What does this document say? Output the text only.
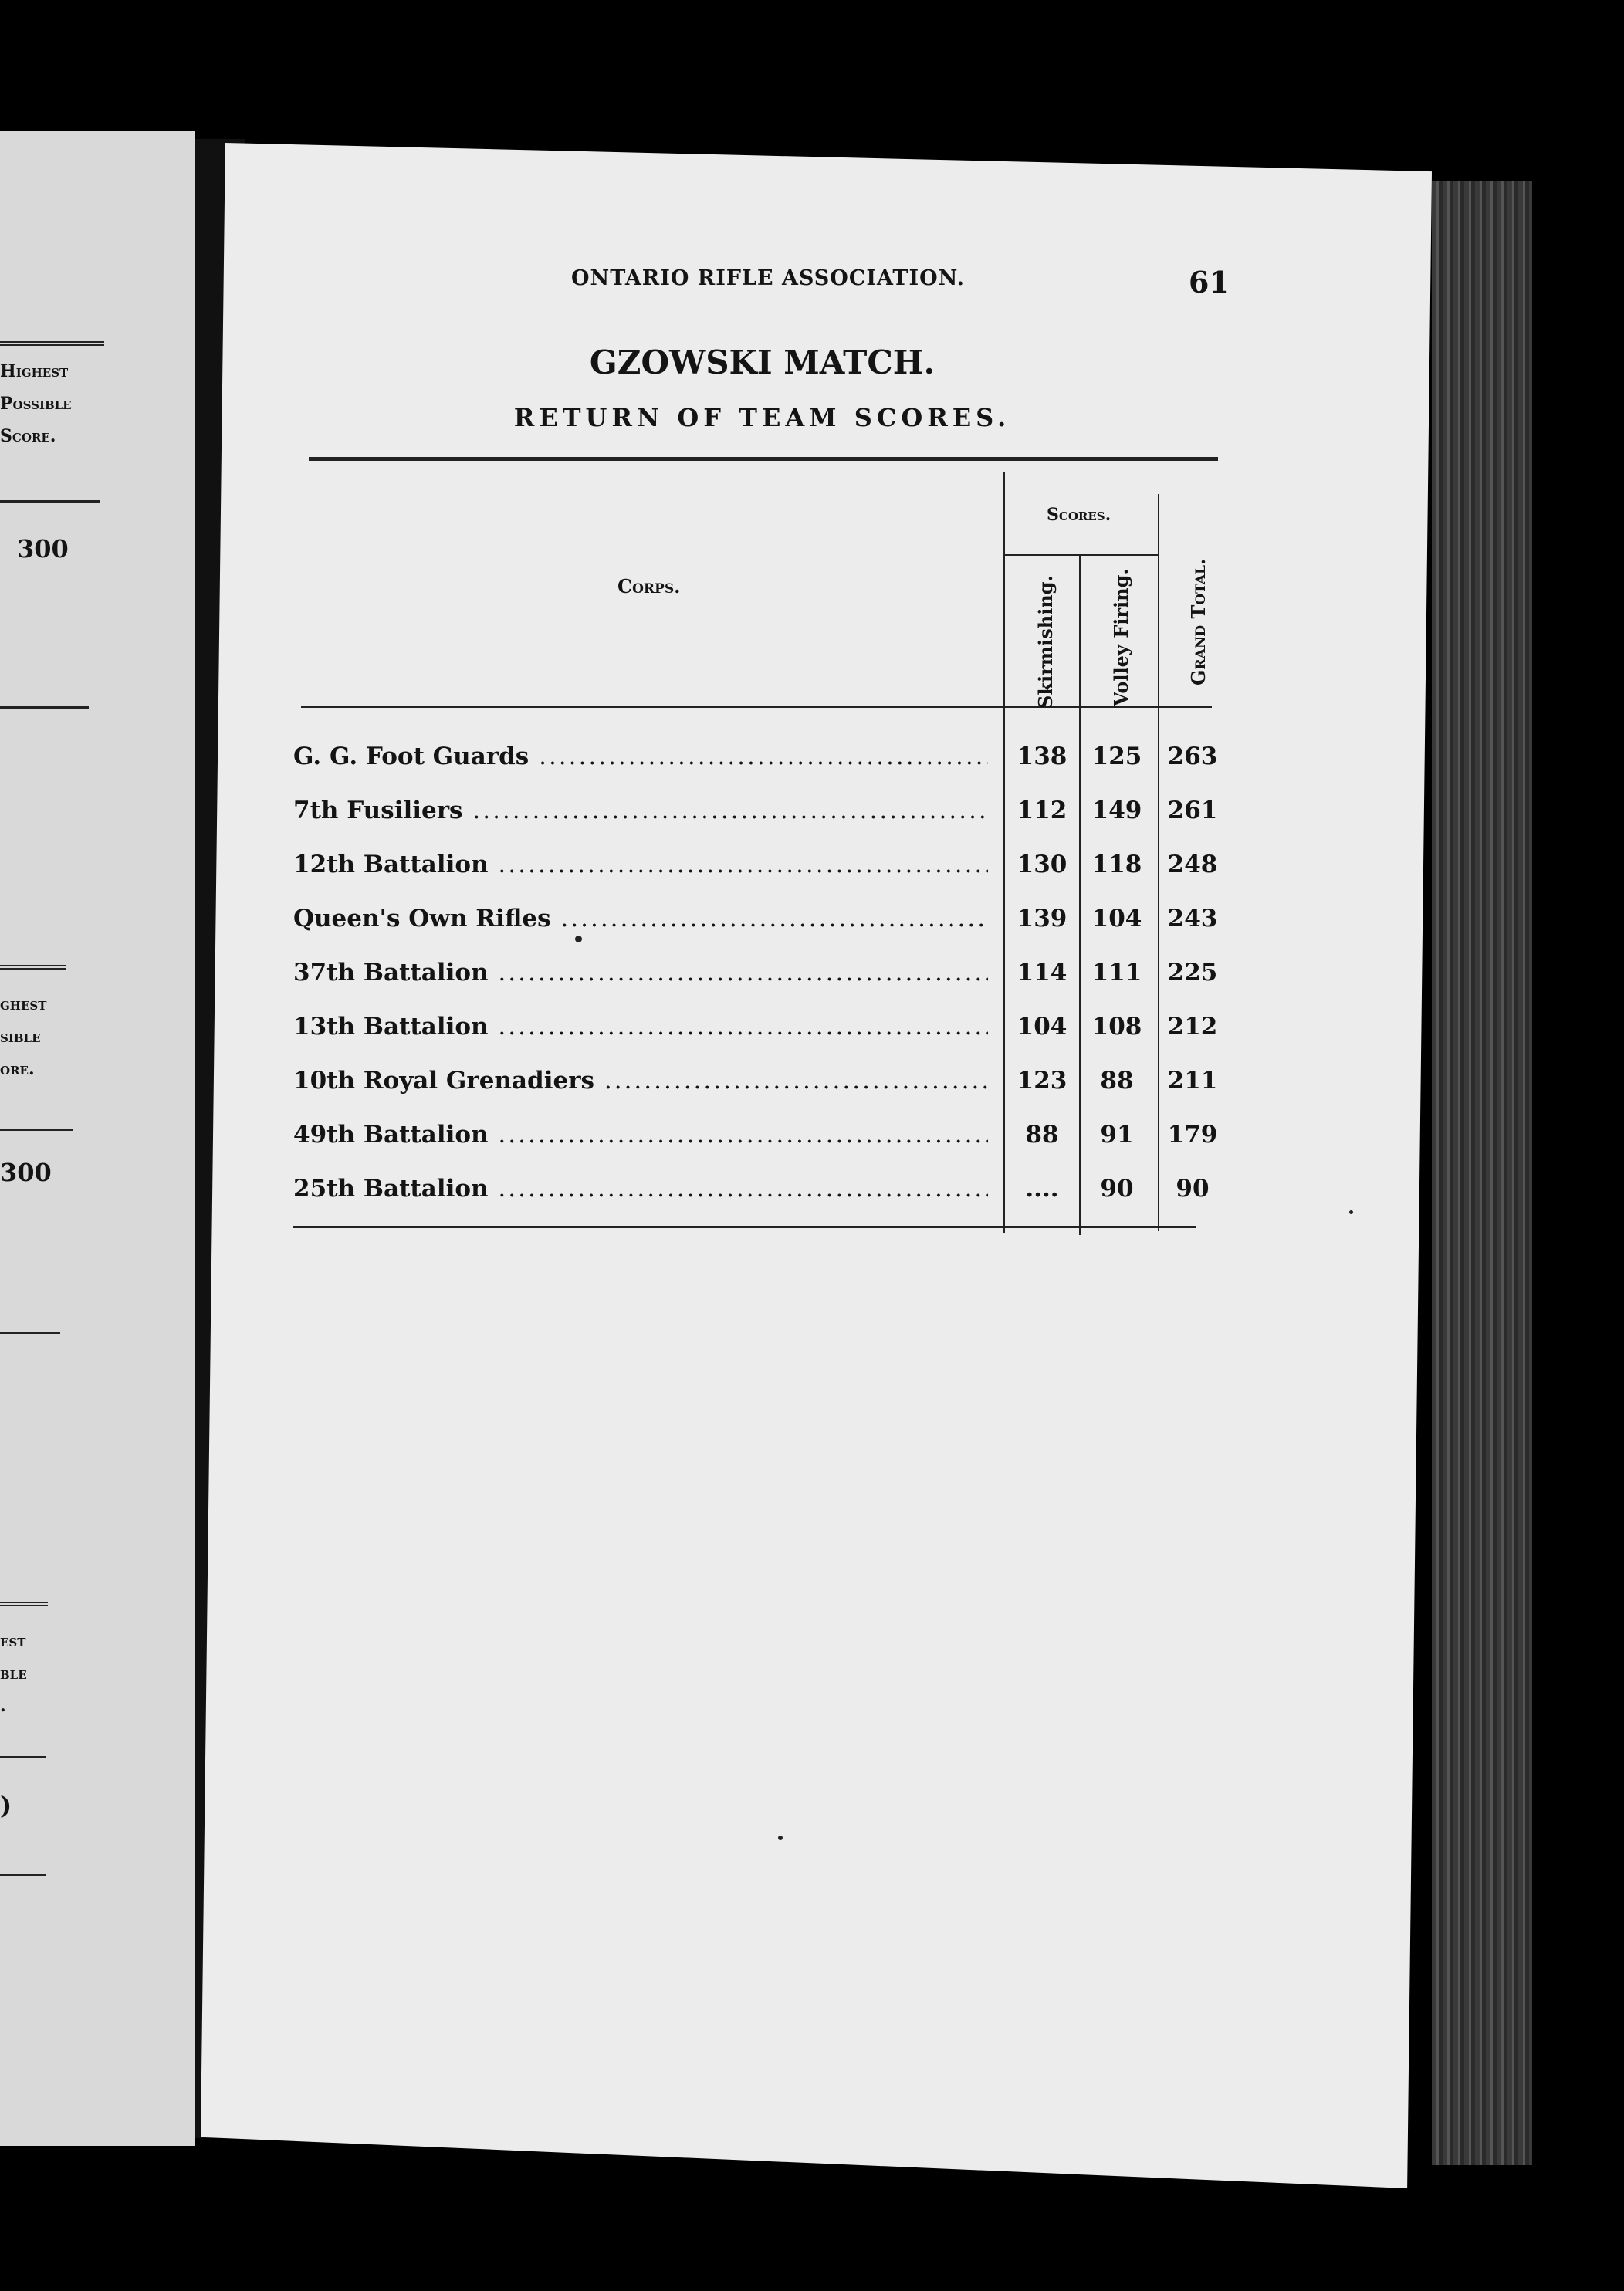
Highest
Possible
Score.
300
ghest
sible
ore.
300
est
ble
.
)
ONTARIO RIFLE ASSOCIATION.	61
GZOWSKI MATCH.
RETURN OF TEAM SCORES.
Corps.
Scores.
Skirmishing.	Volley Firing.	Grand Total.
G. G. Foot Guards .....	138	125	263
7th Fusiliers .....	112	149	261
12th Battalion .....	130	118	248
Queen's Own Rifles .....	139	104	243
37th Battalion .....	114	111	225
13th Battalion .....	104	108	212
10th Royal Grenadiers .....	123	88	211
49th Battalion .....	88	91	179
25th Battalion .....	....	90	90
